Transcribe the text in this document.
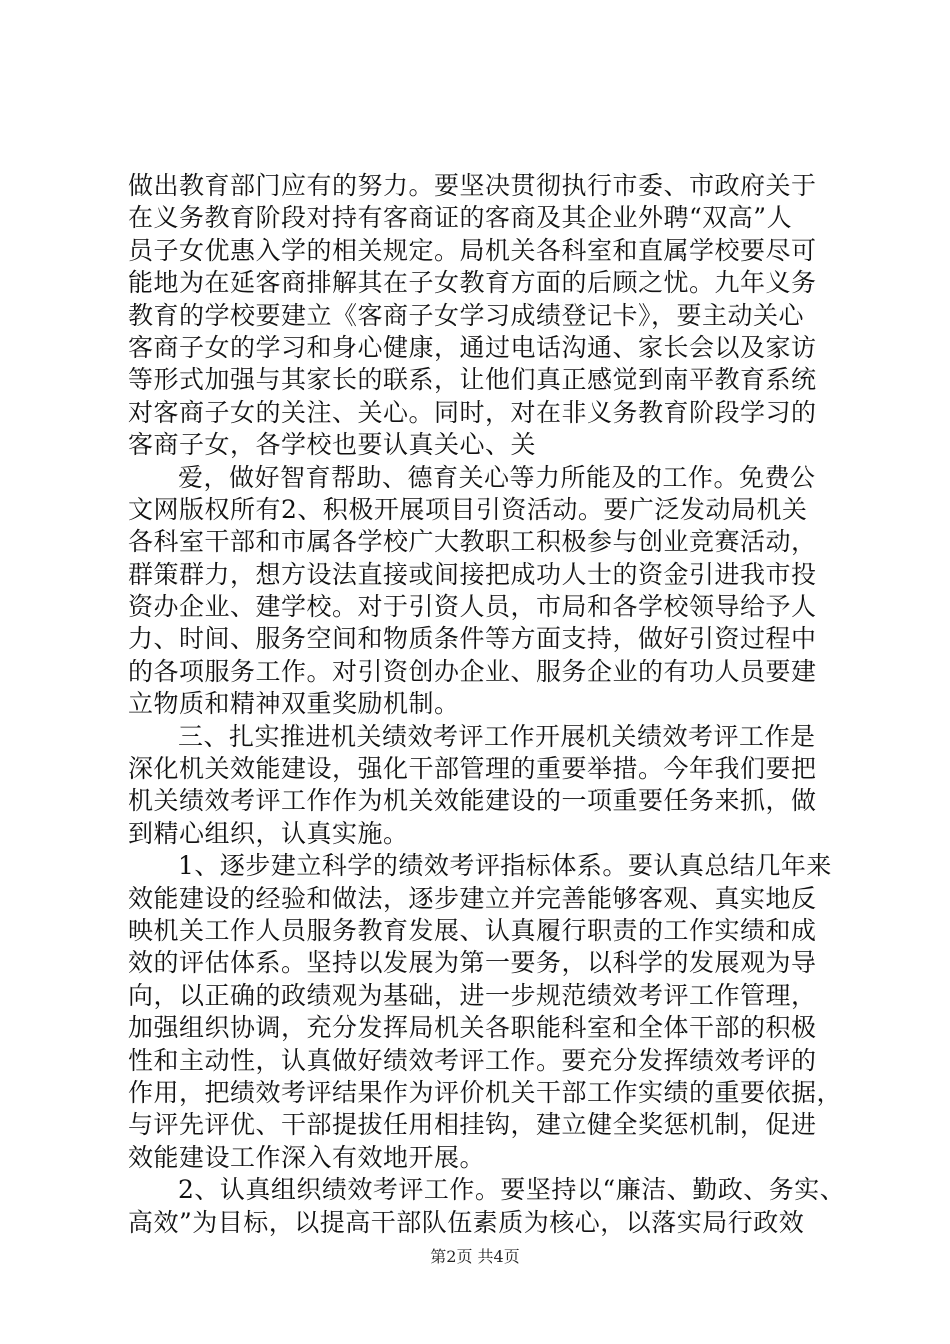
做出教育部门应有的努力。要坚决贯彻执行市委、市政府关于
在义务教育阶段对持有客商证的客商及其企业外聘“双高”人
员子女优惠入学的相关规定。局机关各科室和直属学校要尽可
能地为在延客商排解其在子女教育方面的后顾之忧。九年义务
教育的学校要建立《客商子女学习成绩登记卡》，要主动关心
客商子女的学习和身心健康，通过电话沟通、家长会以及家访
等形式加强与其家长的联系，让他们真正感觉到南平教育系统
对客商子女的关注、关心。同时，对在非义务教育阶段学习的
客商子女，各学校也要认真关心、关
爱，做好智育帮助、德育关心等力所能及的工作。免费公
文网版权所有2、积极开展项目引资活动。要广泛发动局机关
各科室干部和市属各学校广大教职工积极参与创业竞赛活动，
群策群力，想方设法直接或间接把成功人士的资金引进我市投
资办企业、建学校。对于引资人员，市局和各学校领导给予人
力、时间、服务空间和物质条件等方面支持，做好引资过程中
的各项服务工作。对引资创办企业、服务企业的有功人员要建
立物质和精神双重奖励机制。
三、扎实推进机关绩效考评工作开展机关绩效考评工作是
深化机关效能建设，强化干部管理的重要举措。今年我们要把
机关绩效考评工作作为机关效能建设的一项重要任务来抓，做
到精心组织，认真实施。
1、逐步建立科学的绩效考评指标体系。要认真总结几年来
效能建设的经验和做法，逐步建立并完善能够客观、真实地反
映机关工作人员服务教育发展、认真履行职责的工作实绩和成
效的评估体系。坚持以发展为第一要务，以科学的发展观为导
向，以正确的政绩观为基础，进一步规范绩效考评工作管理，
加强组织协调，充分发挥局机关各职能科室和全体干部的积极
性和主动性，认真做好绩效考评工作。要充分发挥绩效考评的
作用，把绩效考评结果作为评价机关干部工作实绩的重要依据，
与评先评优、干部提拔任用相挂钩，建立健全奖惩机制，促进
效能建设工作深入有效地开展。
2、认真组织绩效考评工作。要坚持以“廉洁、勤政、务实、
高效”为目标，以提高干部队伍素质为核心，以落实局行政效
第2页 共4页
